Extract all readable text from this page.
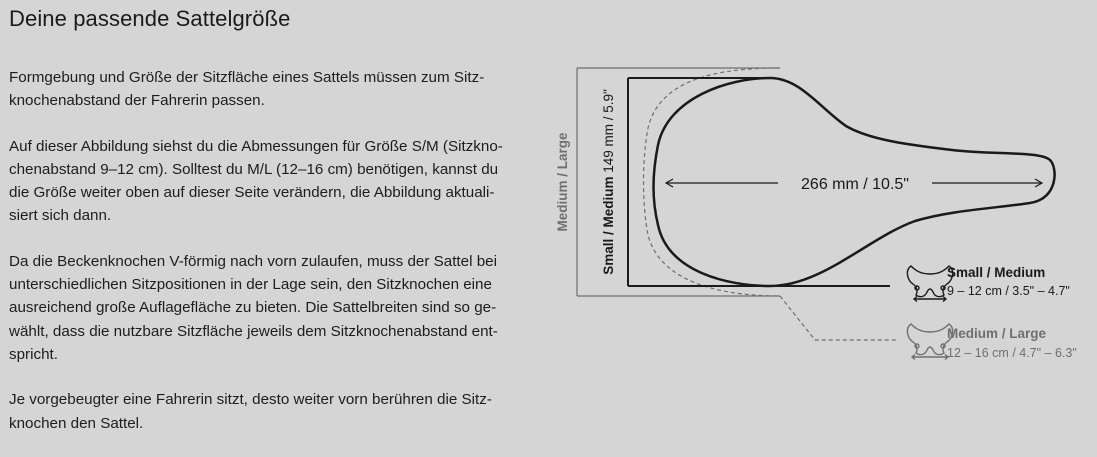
Deine passende Sattelgröße

Formgebung und Größe der Sitzfläche eines Sattels müssen zum Sitz-
knochenabstand der Fahrerin passen.

Auf dieser Abbildung siehst du die Abmessungen für Größe S/M (Sitzkno-
chenabstand 9–12 cm). Solltest du M/L (12–16 cm) benötigen, kannst du
die Größe weiter oben auf dieser Seite verändern, die Abbildung aktuali-
siert sich dann.

Da die Beckenknochen V-förmig nach vorn zulaufen, muss der Sattel bei
unterschiedlichen Sitzpositionen in der Lage sein, den Sitzknochen eine
ausreichend große Auflagefläche zu bieten. Die Sattelbreiten sind so ge-
wählt, dass die nutzbare Sitzfläche jeweils dem Sitzknochenabstand ent-
spricht.

Je vorgebeugter eine Fahrerin sitzt, desto weiter vorn berühren die Sitz-
knochen den Sattel.

266 mm / 10.5"
Small / Medium 149 mm / 5.9"
Medium / Large
Small / Medium
9 – 12 cm / 3.5" – 4.7"
Medium / Large
12 – 16 cm / 4.7" – 6.3"
